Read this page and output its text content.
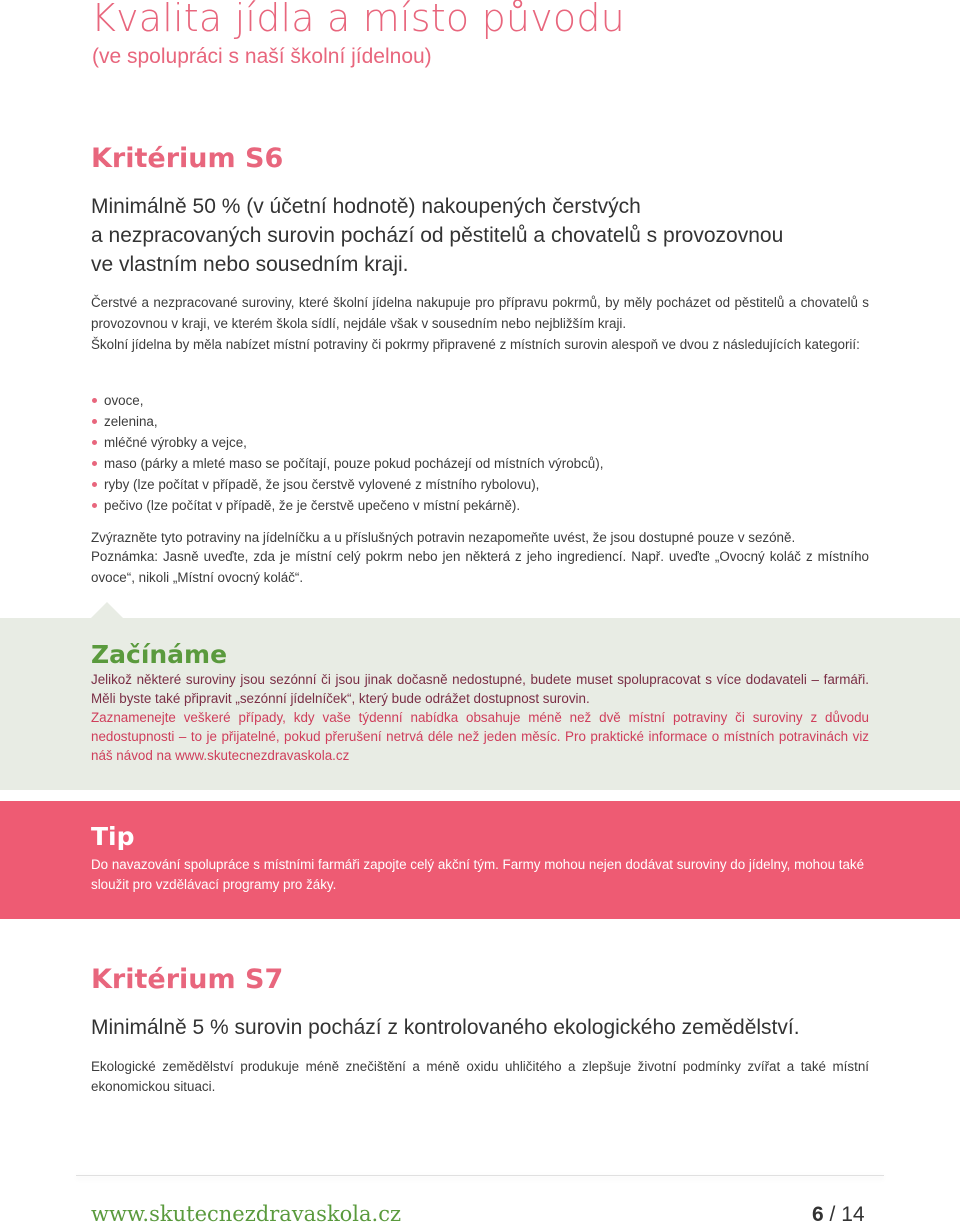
Kvalita jídla a místo původu
(ve spolupráci s naší školní jídelnou)
Kritérium S6
Minimálně 50 % (v účetní hodnotě) nakoupených čerstvých
a nezpracovaných surovin pochází od pěstitelů a chovatelů s provozovnou
ve vlastním nebo sousedním kraji.

Čerstvé a nezpracované suroviny, které školní jídelna nakupuje pro přípravu pokrmů, by měly pocházet od pěstitelů a chovatelů s provozovnou v kraji, ve kterém škola sídlí, nejdále však v sousedním nebo nejbližším kraji.

Školní jídelna by měla nabízet místní potraviny či pokrmy připravené z místních surovin alespoň ve dvou z následujících kategorií:

ovoce,
zelenina,
mléčné výrobky a vejce,
maso (párky a mleté maso se počítají, pouze pokud pocházejí od místních výrobců),
ryby (lze počítat v případě, že jsou čerstvě vylovené z místního rybolovu),
pečivo (lze počítat v případě, že je čerstvě upečeno v místní pekárně).

Zvýrazněte tyto potraviny na jídelníčku a u příslušných potravin nezapomeňte uvést, že jsou dostupné pouze v sezóně.

Poznámka: Jasně uveďte, zda je místní celý pokrm nebo jen některá z jeho ingrediencí. Např. uveďte „Ovocný koláč z místního ovoce“, nikoli „Místní ovocný koláč“.

Začínáme
Jelikož některé suroviny jsou sezónní či jsou jinak dočasně nedostupné, budete muset spolupracovat s více dodavateli – farmáři. Měli byste také připravit „sezónní jídelníček“, který bude odrážet dostupnost surovin.
Zaznamenejte veškeré případy, kdy vaše týdenní nabídka obsahuje méně než dvě místní potraviny či suroviny z důvodu nedostupnosti – to je přijatelné, pokud přerušení netrvá déle než jeden měsíc. Pro praktické informace o místních potravinách viz náš návod na www.skutecnezdravaskola.cz
Tip

Do navazování spolupráce s místními farmáři zapojte celý akční tým. Farmy mohou nejen dodávat suroviny do jídelny, mohou také sloužit pro vzdělávací programy pro žáky.

Kritérium S7
Minimálně 5 % surovin pochází z kontrolovaného ekologického zemědělství.

Ekologické zemědělství produkuje méně znečištění a méně oxidu uhličitého a zlepšuje životní podmínky zvířat a také místní ekonomickou situaci.

www.skutecnezdravaskola.cz	6 / 14
